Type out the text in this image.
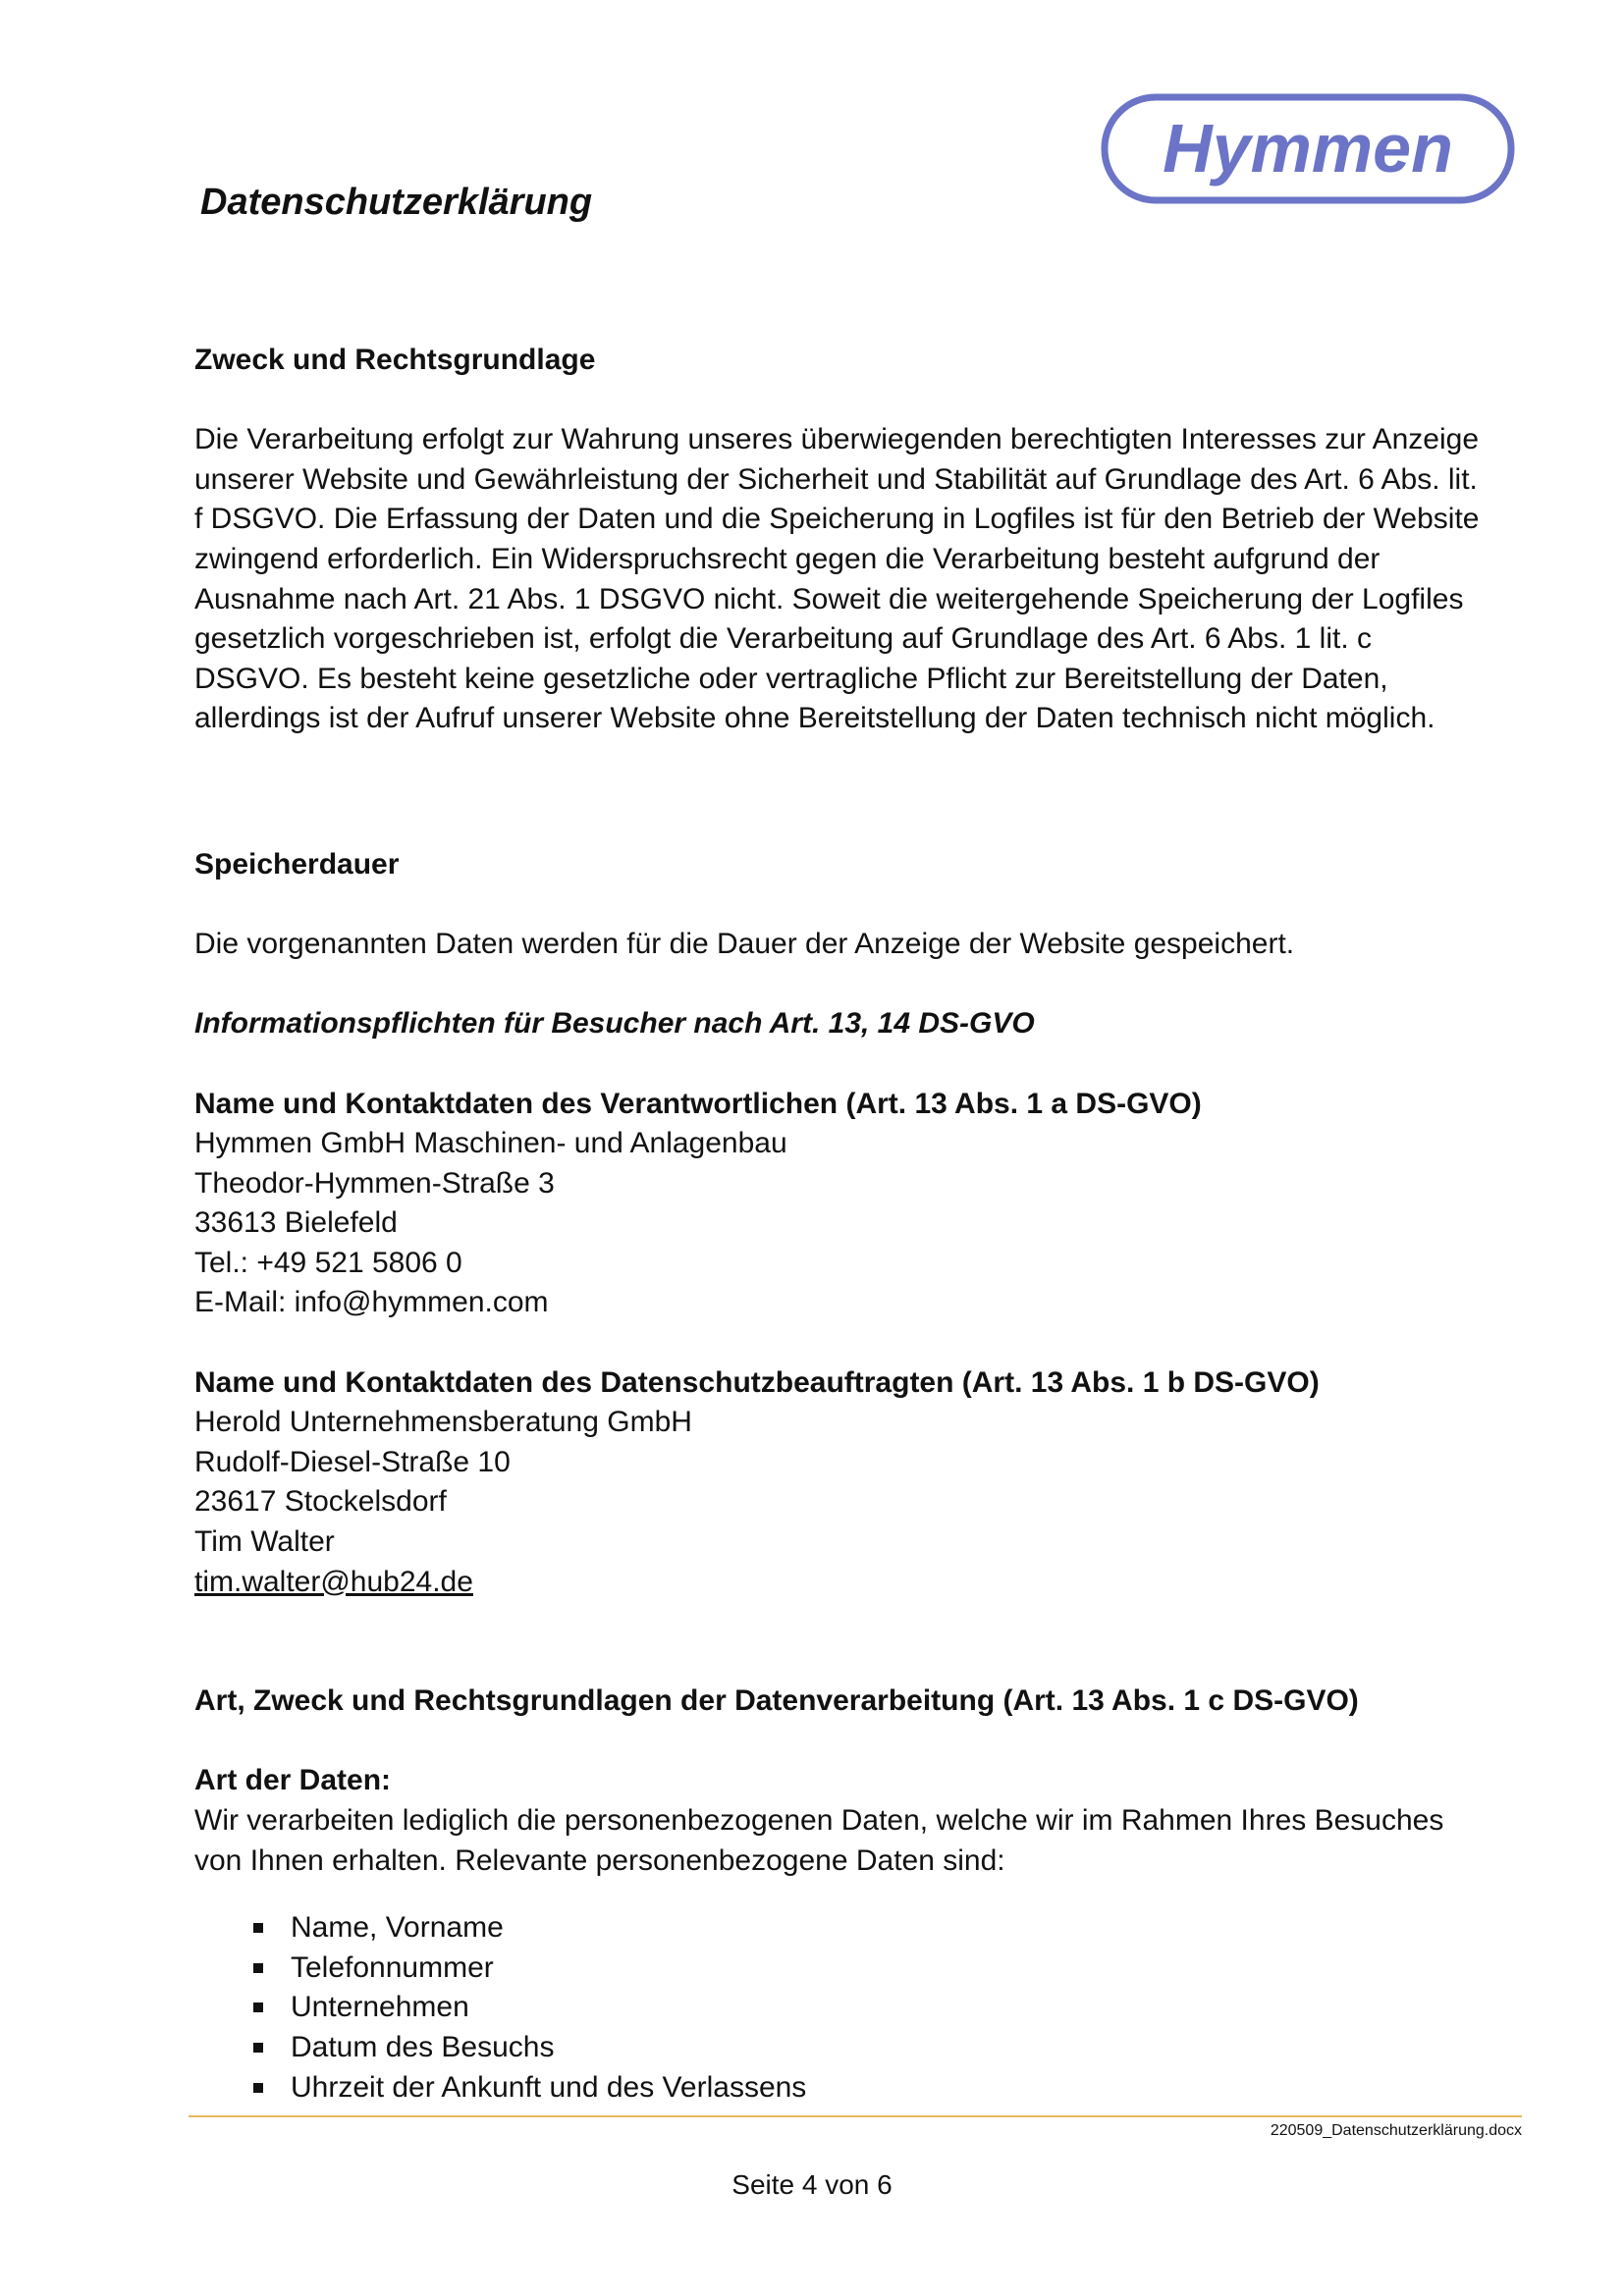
Datenschutzerklärung
Hymmen

Zweck und Rechtsgrundlage

Die Verarbeitung erfolgt zur Wahrung unseres überwiegenden berechtigten Interesses zur Anzeige

unserer Website und Gewährleistung der Sicherheit und Stabilität auf Grundlage des Art. 6 Abs. lit.

f DSGVO. Die Erfassung der Daten und die Speicherung in Logfiles ist für den Betrieb der Website

zwingend erforderlich. Ein Widerspruchsrecht gegen die Verarbeitung besteht aufgrund der

Ausnahme nach Art. 21 Abs. 1 DSGVO nicht. Soweit die weitergehende Speicherung der Logfiles

gesetzlich vorgeschrieben ist, erfolgt die Verarbeitung auf Grundlage des Art. 6 Abs. 1 lit. c

DSGVO. Es besteht keine gesetzliche oder vertragliche Pflicht zur Bereitstellung der Daten,

allerdings ist der Aufruf unserer Website ohne Bereitstellung der Daten technisch nicht möglich.

Speicherdauer

Die vorgenannten Daten werden für die Dauer der Anzeige der Website gespeichert.

Informationspflichten für Besucher nach Art. 13, 14 DS-GVO

Name und Kontaktdaten des Verantwortlichen (Art. 13 Abs. 1 a DS-GVO)

Hymmen GmbH Maschinen- und Anlagenbau

Theodor-Hymmen-Straße 3

33613 Bielefeld

Tel.: +49 521 5806 0

E-Mail: info@hymmen.com

Name und Kontaktdaten des Datenschutzbeauftragten (Art. 13 Abs. 1 b DS-GVO)

Herold Unternehmensberatung GmbH

Rudolf-Diesel-Straße 10

23617 Stockelsdorf

Tim Walter

tim.walter@hub24.de

Art, Zweck und Rechtsgrundlagen der Datenverarbeitung (Art. 13 Abs. 1 c DS-GVO)

Art der Daten:

Wir verarbeiten lediglich die personenbezogenen Daten, welche wir im Rahmen Ihres Besuches

von Ihnen erhalten. Relevante personenbezogene Daten sind:

Name, Vorname
Telefonnummer
Unternehmen
Datum des Besuchs
Uhrzeit der Ankunft und des Verlassens
220509_Datenschutzerklärung.docx
Seite 4 von 6
